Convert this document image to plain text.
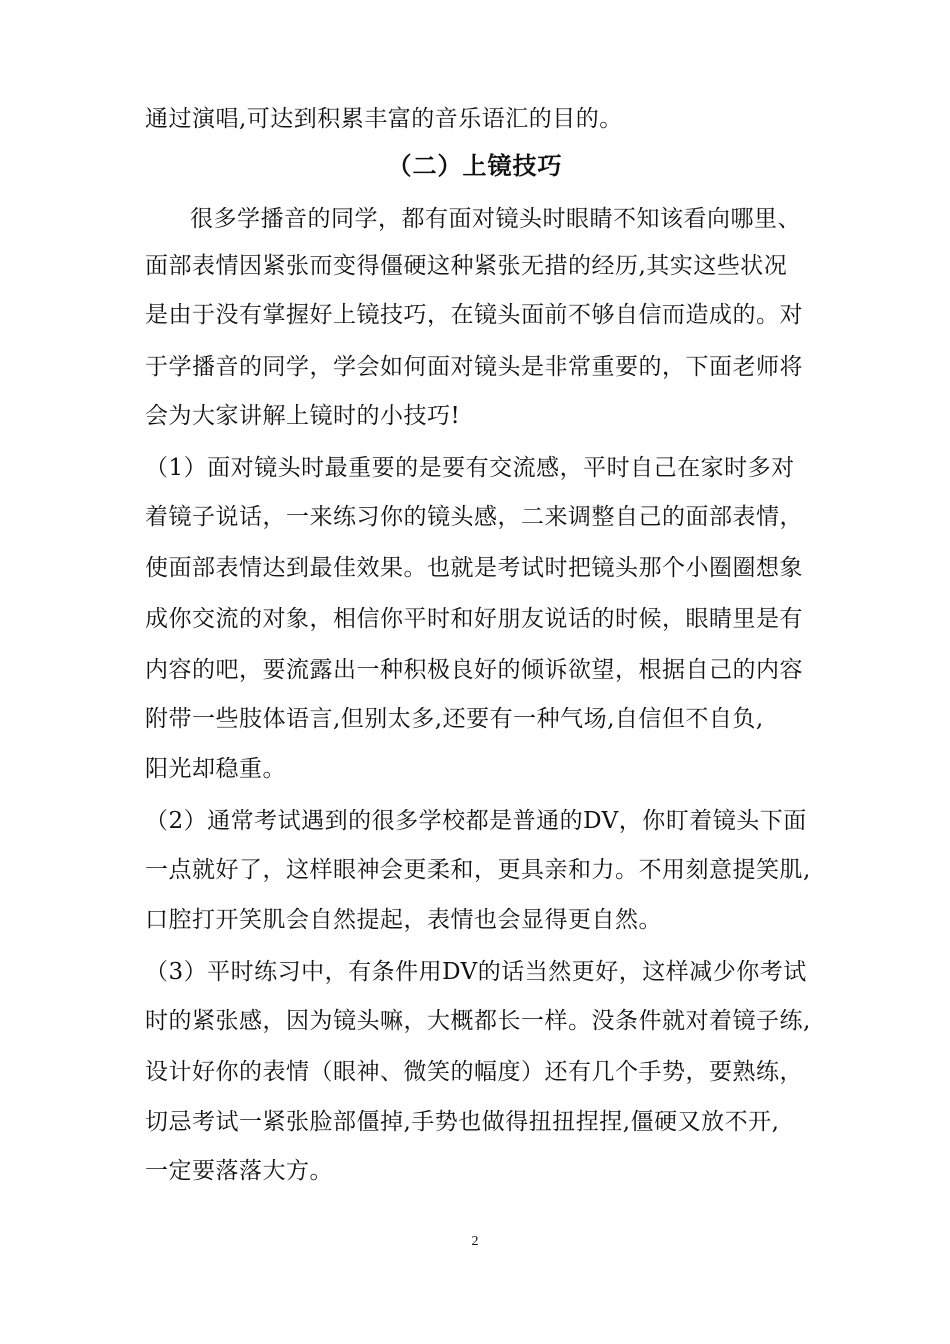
通过演唱,可达到积累丰富的音乐语汇的目的。
（二）上镜技巧
很多学播音的同学，都有面对镜头时眼睛不知该看向哪里、
面部表情因紧张而变得僵硬这种紧张无措的经历,其实这些状况
是由于没有掌握好上镜技巧，在镜头面前不够自信而造成的。对
于学播音的同学，学会如何面对镜头是非常重要的，下面老师将
会为大家讲解上镜时的小技巧!
（1）面对镜头时最重要的是要有交流感，平时自己在家时多对
着镜子说话，一来练习你的镜头感，二来调整自己的面部表情，
使面部表情达到最佳效果。也就是考试时把镜头那个小圈圈想象
成你交流的对象，相信你平时和好朋友说话的时候，眼睛里是有
内容的吧，要流露出一种积极良好的倾诉欲望，根据自己的内容
附带一些肢体语言,但别太多,还要有一种气场,自信但不自负,
阳光却稳重。
（2）通常考试遇到的很多学校都是普通的DV，你盯着镜头下面
一点就好了，这样眼神会更柔和，更具亲和力。不用刻意提笑肌,
口腔打开笑肌会自然提起，表情也会显得更自然。
（3）平时练习中，有条件用DV的话当然更好，这样减少你考试
时的紧张感，因为镜头嘛，大概都长一样。没条件就对着镜子练,
设计好你的表情（眼神、微笑的幅度）还有几个手势，要熟练，
切忌考试一紧张脸部僵掉,手势也做得扭扭捏捏,僵硬又放不开,
一定要落落大方。
2
